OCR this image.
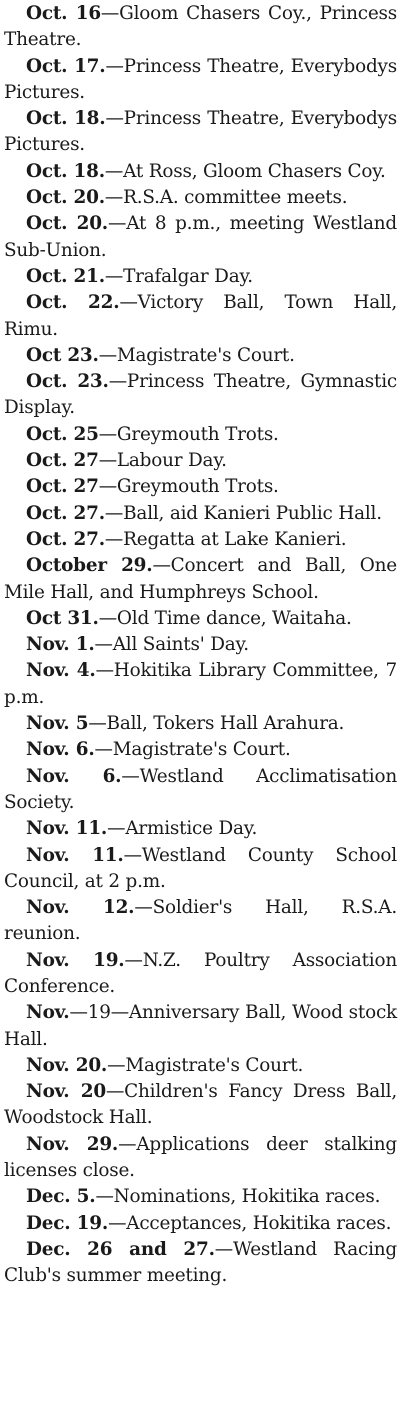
Oct. 16—Gloom Chasers Coy., Princess Theatre.

Oct. 17.—Princess Theatre, Everybodys Pictures.

Oct. 18.—Princess Theatre, Everybodys Pictures.

Oct. 18.—At Ross, Gloom Chasers Coy.

Oct. 20.—R.S.A. committee meets.

Oct. 20.—At 8 p.m., meeting Westland Sub-Union.

Oct. 21.—Trafalgar Day.

Oct. 22.—Victory Ball, Town Hall, Rimu.

Oct 23.—Magistrate's Court.

Oct. 23.—Princess Theatre, Gymnastic Display.

Oct. 25—Greymouth Trots.

Oct. 27—Labour Day.

Oct. 27—Greymouth Trots.

Oct. 27.—Ball, aid Kanieri Public Hall.

Oct. 27.—Regatta at Lake Kanieri.

October 29.—Concert and Ball, One Mile Hall, and Humphreys School.

Oct 31.—Old Time dance, Waitaha.

Nov. 1.—All Saints' Day.

Nov. 4.—Hokitika Library Committee, 7 p.m.

Nov. 5—Ball, Tokers Hall Arahura.

Nov. 6.—Magistrate's Court.

Nov. 6.—Westland Acclimatisation Society.

Nov. 11.—Armistice Day.

Nov. 11.—Westland County School Council, at 2 p.m.

Nov. 12.—Soldier's Hall, R.S.A. reunion.

Nov. 19.—N.Z. Poultry Association Conference.

Nov.—19—Anniversary Ball, Wood stock Hall.

Nov. 20.—Magistrate's Court.

Nov. 20—Children's Fancy Dress Ball, Woodstock Hall.

Nov. 29.—Applications deer stalking licenses close.

Dec. 5.—Nominations, Hokitika races.

Dec. 19.—Acceptances, Hokitika races.

Dec. 26 and 27.—Westland Racing Club's summer meeting.
